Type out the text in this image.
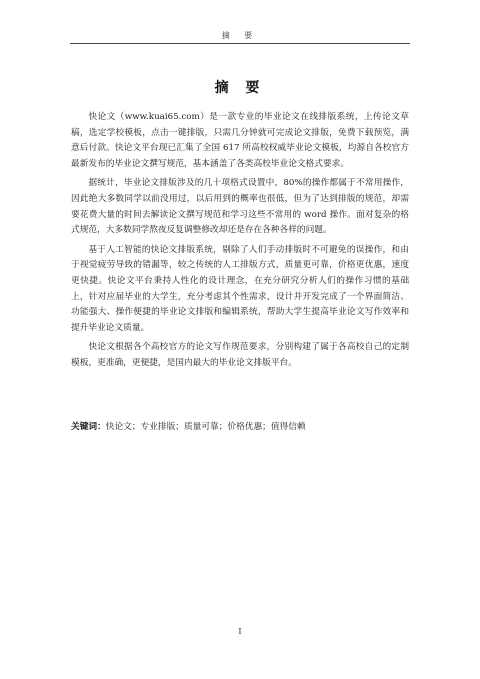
摘 要
摘 要

快论文（www.kuai65.com）是一款专业的毕业论文在线排版系统，上传论文草稿，选定学校模板，点击一键排版，只需几分钟就可完成论文排版，免费下载预览，满意后付款。快论文平台现已汇集了全国 617 所高校权威毕业论文模板，均源自各校官方最新发布的毕业论文撰写规范，基本涵盖了各类高校毕业论文格式要求。

据统计，毕业论文排版涉及的几十项格式设置中，80%的操作都属于不常用操作，因此绝大多数同学以前没用过，以后用到的概率也很低，但为了达到排版的规范，却需要花费大量的时间去解读论文撰写规范和学习这些不常用的 word 操作。面对复杂的格式规范，大多数同学熬夜反复调整修改却还是存在各种各样的问题。

基于人工智能的快论文排版系统，剔除了人们手动排版时不可避免的误操作，和由于视觉疲劳导致的错漏等，较之传统的人工排版方式，质量更可靠，价格更优惠，速度更快捷。快论文平台秉持人性化的设计理念，在充分研究分析人们的操作习惯的基础上，针对应届毕业的大学生，充分考虑其个性需求，设计并开发完成了一个界面简洁、功能强大、操作便捷的毕业论文排版和编辑系统，帮助大学生提高毕业论文写作效率和提升毕业论文质量。

快论文根据各个高校官方的论文写作规范要求，分别构建了属于各高校自己的定制模板，更准确，更便捷，是国内最大的毕业论文排版平台。

关键词：快论文；专业排版；质量可靠；价格优惠；值得信赖
I
